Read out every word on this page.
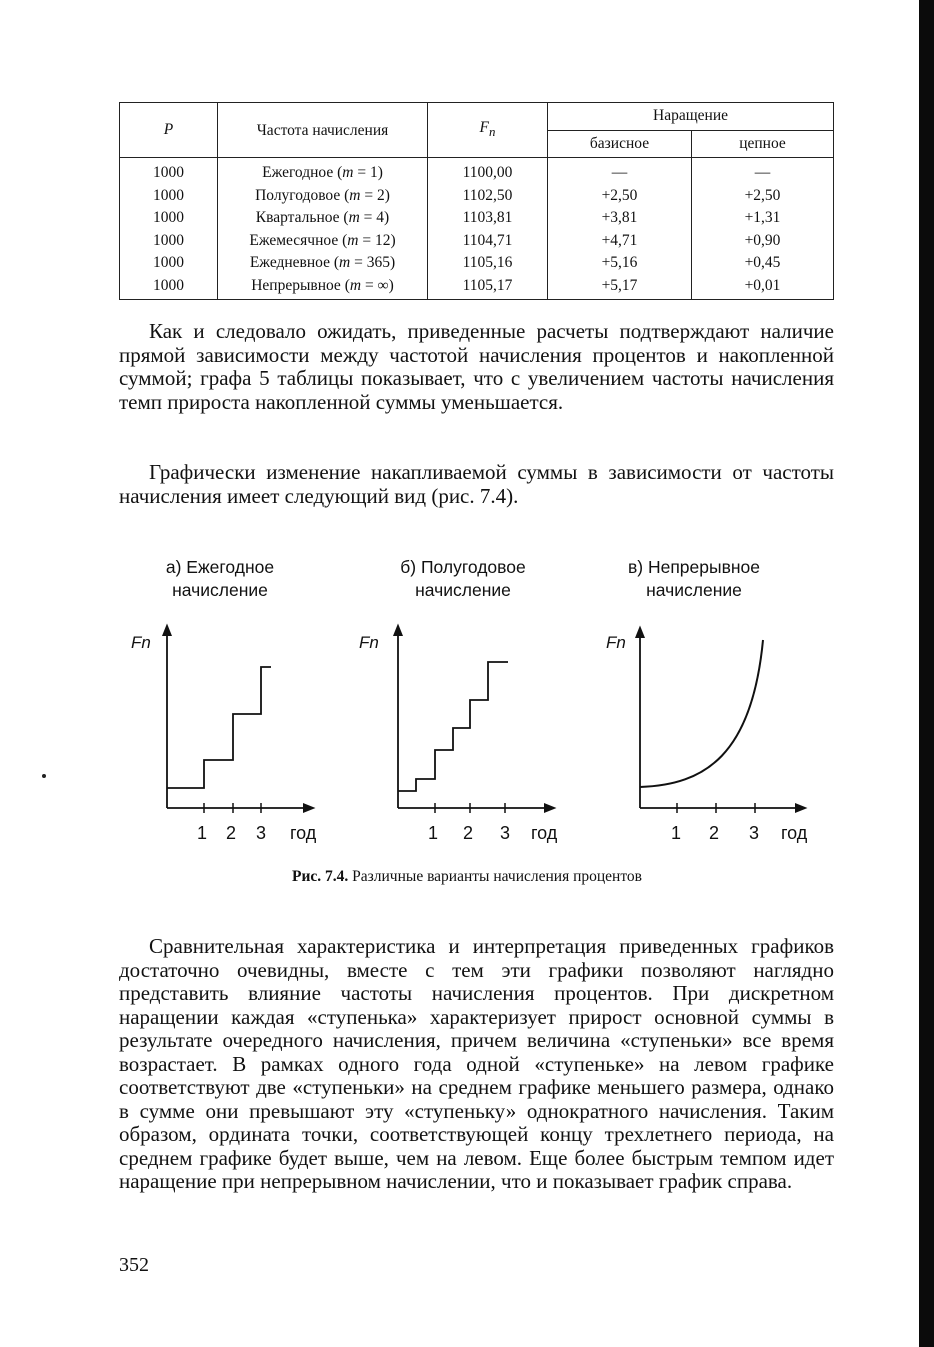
P	Частота начисления	$F_n$	Наращение	
			базисное	цепное
1000	Ежегодное (m = 1)	1100,00	—	—
1000	Полугодовое (m = 2)	1102,50	+2,50	+2,50
1000	Квартальное (m = 4)	1103,81	+3,81	+1,31
1000	Ежемесячное (m = 12)	1104,71	+4,71	+0,90
1000	Ежедневное (m = 365)	1105,16	+5,16	+0,45
1000	Непрерывное (m = ∞)	1105,17	+5,17	+0,01

Как и следовало ожидать, приведенные расчеты подтверждают наличие прямой зависимости между частотой начисления процентов и накопленной суммой; графа 5 таблицы показывает, что с увеличением частоты начисления темп прироста накопленной суммы уменьшается.

Графически изменение накапливаемой суммы в зависимости от частоты начисления имеет следующий вид (рис. 7.4).

а) Ежегодное
начисление
б) Полугодовое
начисление
в) Непрерывное
начисление
Fn
1 2 3 год
Fn
1 2 3 год
Fn
1 2 3 год
Рис. 7.4. Различные варианты начисления процентов

Сравнительная характеристика и интерпретация приведенных графиков достаточно очевидны, вместе с тем эти графики позволяют наглядно представить влияние частоты начисления процентов. При дискретном наращении каждая «ступенька» характеризует прирост основной суммы в результате очередного начисления, причем величина «ступеньки» все время возрастает. В рамках одного года одной «ступеньке» на левом графике соответствуют две «ступеньки» на среднем графике меньшего размера, однако в сумме они превышают эту «ступеньку» однократного начисления. Таким образом, ордината точки, соответствующей концу трехлетнего периода, на среднем графике будет выше, чем на левом. Еще более быстрым темпом идет наращение при непрерывном начислении, что и показывает график справа.

352
